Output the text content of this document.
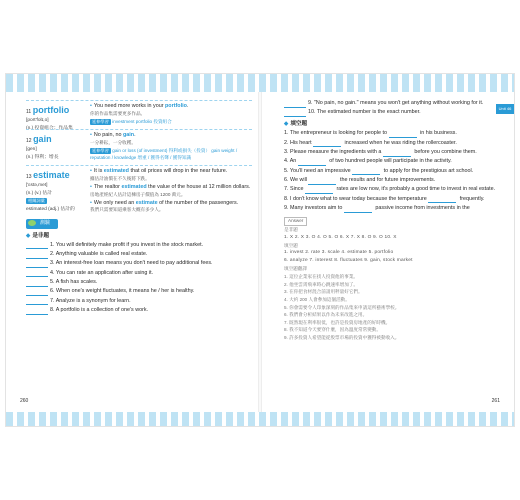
11 portfolio
[port'folɪ,o]
(n.) 投資組合；作品集
• You need more works in your portfolio.
你的作品集需要更多作品。
延伸學習 investment portfolio 投資組合
12 gain
[gen]
(n.) 得利；增長
• No pain, no gain.
一分耕耘，一分收穫。
延伸學習 gain or loss (of investment) 得利或損失（投資） gain weight / reputation / knowledge 增重 / 獲得名聲 / 獲得知識
13 estimate
['ɛstə,met]
(n.) (v.) 估計
相關詞彙
estimated (adj.) 估計的
• It is estimated that oil prices will drop in the near future.
據估計油價在不久後將下跌。
• The realtor estimated the value of the house at 12 million dollars.
房地產經紀人估計這棟房子價值為 1200 萬元。
• We only need an estimate of the number of the passengers.
我們只需要知道乘客大概有多少人。
測驗
◆ 是非題
1. You will definitely make profit if you invest in the stock market.
2. Anything valuable is called real estate.
3. An interest-free loan means you don't need to pay additional fees.
4. You can rate an application after using it.
5. A fish has scales.
6. When one's weight fluctuates, it means he / her is healthy.
7. Analyze is a synonym for learn.
8. A portfolio is a collection of one's work.
260
Unit 46
9. "No pain, no gain." means you won't get anything without working for it.
10. The estimated number is the exact number.
◆ 填空題
1. The entrepreneur is looking for people to	in his business.
2. His heart	increased when he was riding the rollercoaster.
3. Please measure the ingredients with a	before you combine them.
4. An	of two hundred people will participate in the activity.
5. You'll need an impressive	to apply for the prestigious art school.
6. We will	the results and for future improvements.
7. Since	rates are low now, it's probably a good time to invest in real estate.
8. I don't know what to wear today because the temperature	frequently.
9. Many investors aim to	passive income from investments in the
Answer
是非題
1. X 2. X 3. O 4. O 5. O 6. X 7. X 8. O 9. O 10. X
填空題
1. invest 2. rate 3. scale 4. estimate 5. portfolio
6. analyze 7. interest 8. fluctuates 9. gain, stock market
填空題翻譯
1. 這位企業家在找人投資他的事業。
2. 他坐雲霄飛車時心跳速率增加了。
3. 在你把食材混合前請用秤量好它們。
4. 大約 200 人會參加這個活動。
5. 你會需要令人印象深刻的作品集來申請這所藝術學校。
6. 我們會分析結果以作為未來改進之用。
7. 既然現在利率很低，也許是投資房地產的好時機。
8. 我不知道今天要穿什麼，因為溫度常常變動。
9. 許多投資人希望能從股票市場的投資中獲得被動收入。
261
